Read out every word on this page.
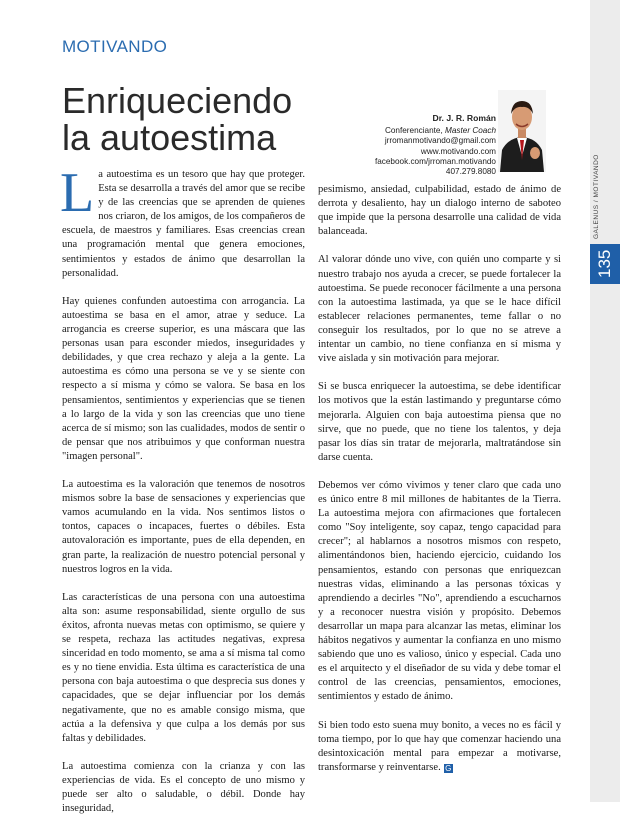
MOTIVANDO
Enriqueciendo
la autoestima	Dr. J. R. Román
Conferenciante, Master Coach
jrromanmotivando@gmail.com
www.motivando.com
facebook.com/jrroman.motivando
407.279.8080	GALENUS / MOTIVANDO
135

La autoestima es un tesoro que hay que proteger. Esta se desarrolla a través del amor que se recibe y de las creencias que se aprenden de quienes nos criaron, de los amigos, de los compañeros de escuela, de maestros y familiares. Esas creencias crean una programación mental que genera emociones, sentimientos y estados de ánimo que desarrollan la personalidad.

Hay quienes confunden autoestima con arrogancia. La autoestima se basa en el amor, atrae y seduce. La arrogancia es creerse superior, es una máscara que las personas usan para esconder miedos, inseguridades y debilidades, y que crea rechazo y aleja a la gente. La autoestima es cómo una persona se ve y se siente con respecto a sí misma y cómo se valora. Se basa en los pensamientos, sentimientos y experiencias que se tienen a lo largo de la vida y son las creencias que uno tiene acerca de sí mismo; son las cualidades, modos de sentir o de pensar que nos atribuimos y que conforman nuestra "imagen personal".

La autoestima es la valoración que tenemos de nosotros mismos sobre la base de sensaciones y experiencias que vamos acumulando en la vida. Nos sentimos listos o tontos, capaces o incapaces, fuertes o débiles. Esta autovaloración es importante, pues de ella dependen, en gran parte, la realización de nuestro potencial personal y nuestros logros en la vida.

Las características de una persona con una autoestima alta son: asume responsabilidad, siente orgullo de sus éxitos, afronta nuevas metas con optimismo, se quiere y se respeta, rechaza las actitudes negativas, expresa sinceridad en todo momento, se ama a sí misma tal como es y no tiene envidia. Esta última es característica de una persona con baja autoestima o que desprecia sus dones y capacidades, que se dejar influenciar por los demás negativamente, que no es amable consigo misma, que actúa a la defensiva y que culpa a los demás por sus faltas y debilidades.

La autoestima comienza con la crianza y con las experiencias de vida. Es el concepto de uno mismo y puede ser alto o saludable, o débil. Donde hay inseguridad,

pesimismo, ansiedad, culpabilidad, estado de ánimo de derrota y desaliento, hay un dialogo interno de saboteo que impide que la persona desarrolle una calidad de vida balanceada.

Al valorar dónde uno vive, con quién uno comparte y si nuestro trabajo nos ayuda a crecer, se puede fortalecer la autoestima. Se puede reconocer fácilmente a una persona con la autoestima lastimada, ya que se le hace difícil establecer relaciones permanentes, teme fallar o no conseguir los resultados, por lo que no se atreve a intentar un cambio, no tiene confianza en sí misma y vive aislada y sin motivación para mejorar.

Si se busca enriquecer la autoestima, se debe identificar los motivos que la están lastimando y preguntarse cómo mejorarla. Alguien con baja autoestima piensa que no sirve, que no puede, que no tiene los talentos, y deja pasar los días sin tratar de mejorarla, maltratándose sin darse cuenta.

Debemos ver cómo vivimos y tener claro que cada uno es único entre 8 mil millones de habitantes de la Tierra. La autoestima mejora con afirmaciones que fortalecen como "Soy inteligente, soy capaz, tengo capacidad para crecer"; al hablarnos a nosotros mismos con respeto, alimentándonos bien, haciendo ejercicio, cuidando los pensamientos, estando con personas que enriquezcan nuestras vidas, eliminando a las personas tóxicas y aprendiendo a decirles "No", aprendiendo a escucharnos y a reconocer nuestra visión y propósito. Debemos desarrollar un mapa para alcanzar las metas, eliminar los hábitos negativos y aumentar la confianza en uno mismo sabiendo que uno es valioso, único y especial. Cada uno es el arquitecto y el diseñador de su vida y debe tomar el control de las creencias, pensamientos, emociones, sentimientos y estado de ánimo.

Si bien todo esto suena muy bonito, a veces no es fácil y toma tiempo, por lo que hay que comenzar haciendo una desintoxicación mental para empezar a motivarse, transformarse y reinventarse. G
